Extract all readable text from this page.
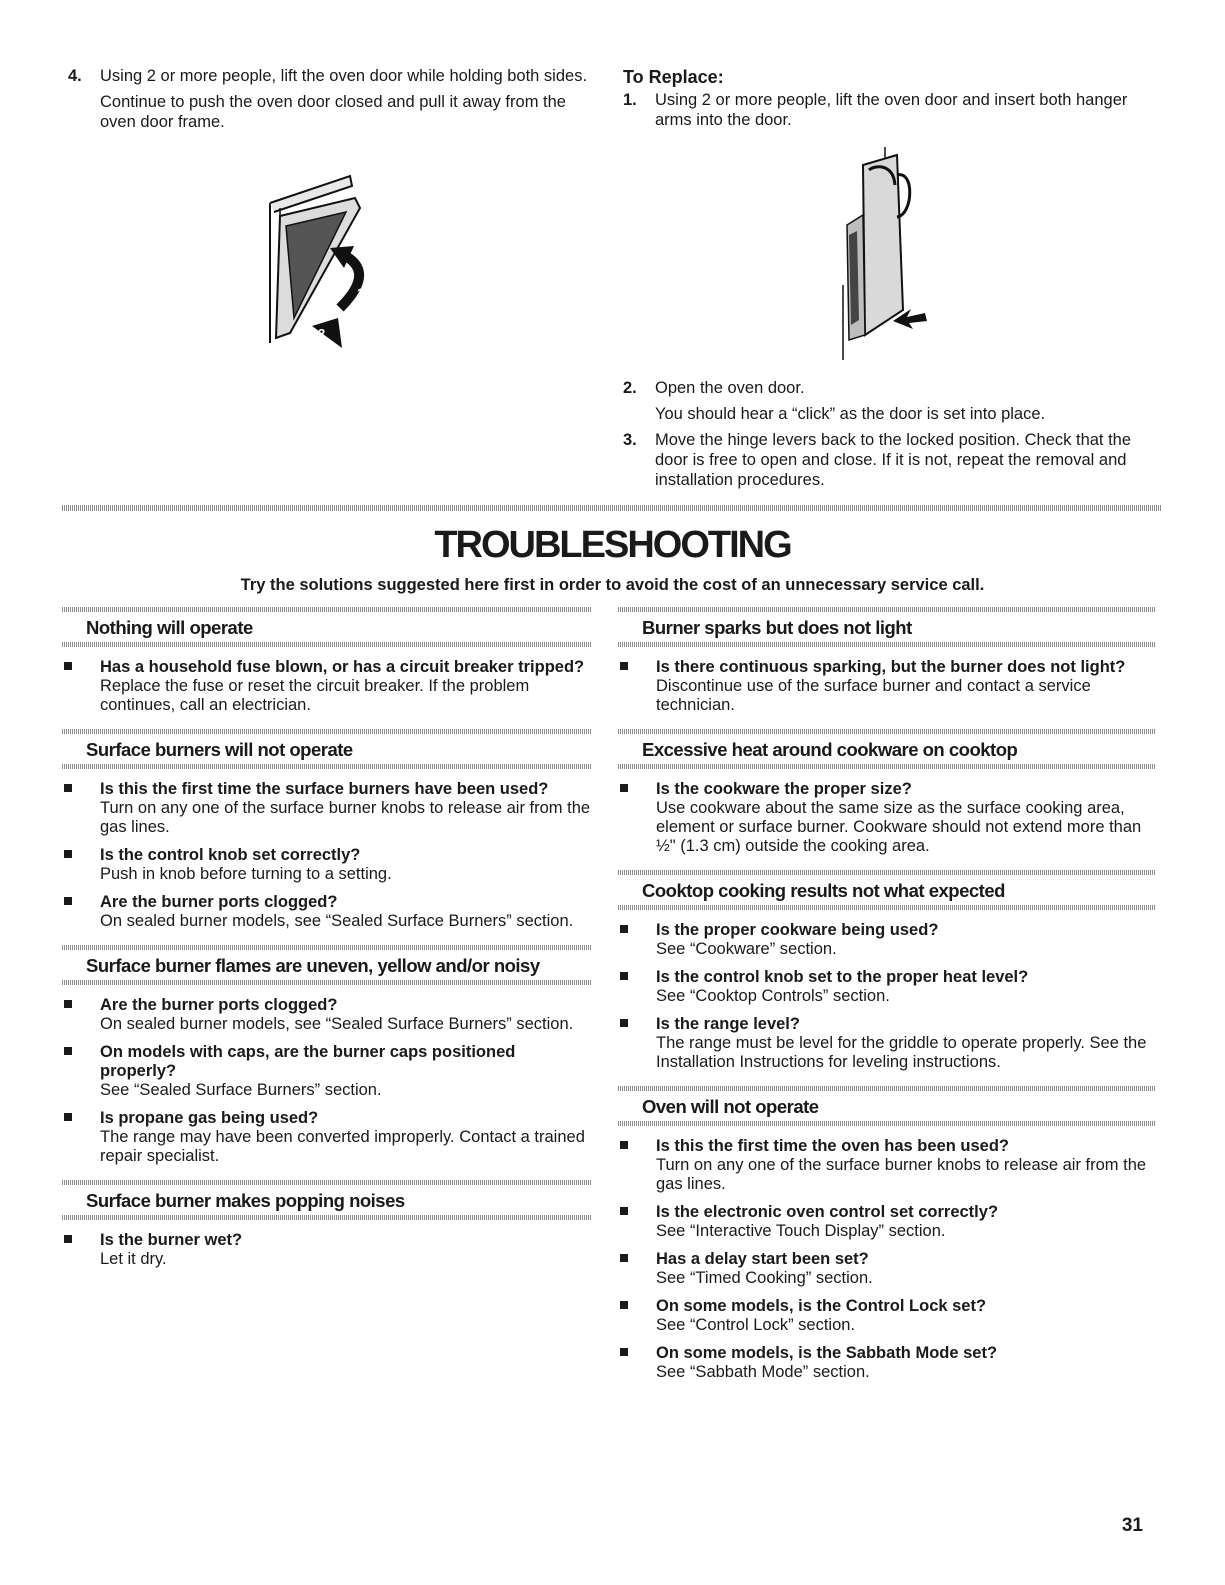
4.	Using 2 or more people, lift the oven door while holding both sides.

Continue to push the oven door closed and pull it away from the oven door frame.

1
2
To Replace:
1.	Using 2 or more people, lift the oven door and insert both hanger arms into the door.

2.	Open the oven door.

You should hear a “click” as the door is set into place.

3.	Move the hinge levers back to the locked position. Check that the door is free to open and close. If it is not, repeat the removal and installation procedures.

TROUBLESHOOTING
Try the solutions suggested here first in order to avoid the cost of an unnecessary service call.
Nothing will operate
Has a household fuse blown, or has a circuit breaker tripped?
Replace the fuse or reset the circuit breaker. If the problem continues, call an electrician.
Surface burners will not operate
Is this the first time the surface burners have been used?
Turn on any one of the surface burner knobs to release air from the gas lines.
Is the control knob set correctly?
Push in knob before turning to a setting.
Are the burner ports clogged?
On sealed burner models, see “Sealed Surface Burners” section.
Surface burner flames are uneven, yellow and/or noisy
Are the burner ports clogged?
On sealed burner models, see “Sealed Surface Burners” section.
On models with caps, are the burner caps positioned properly?
See “Sealed Surface Burners” section.
Is propane gas being used?
The range may have been converted improperly. Contact a trained repair specialist.
Surface burner makes popping noises
Is the burner wet?
Let it dry.
Burner sparks but does not light
Is there continuous sparking, but the burner does not light?
Discontinue use of the surface burner and contact a service technician.
Excessive heat around cookware on cooktop
Is the cookware the proper size?
Use cookware about the same size as the surface cooking area, element or surface burner. Cookware should not extend more than ½" (1.3 cm) outside the cooking area.
Cooktop cooking results not what expected
Is the proper cookware being used?
See “Cookware” section.
Is the control knob set to the proper heat level?
See “Cooktop Controls” section.
Is the range level?
The range must be level for the griddle to operate properly. See the Installation Instructions for leveling instructions.
Oven will not operate
Is this the first time the oven has been used?
Turn on any one of the surface burner knobs to release air from the gas lines.
Is the electronic oven control set correctly?
See “Interactive Touch Display” section.
Has a delay start been set?
See “Timed Cooking” section.
On some models, is the Control Lock set?
See “Control Lock” section.
On some models, is the Sabbath Mode set?
See “Sabbath Mode” section.
31
